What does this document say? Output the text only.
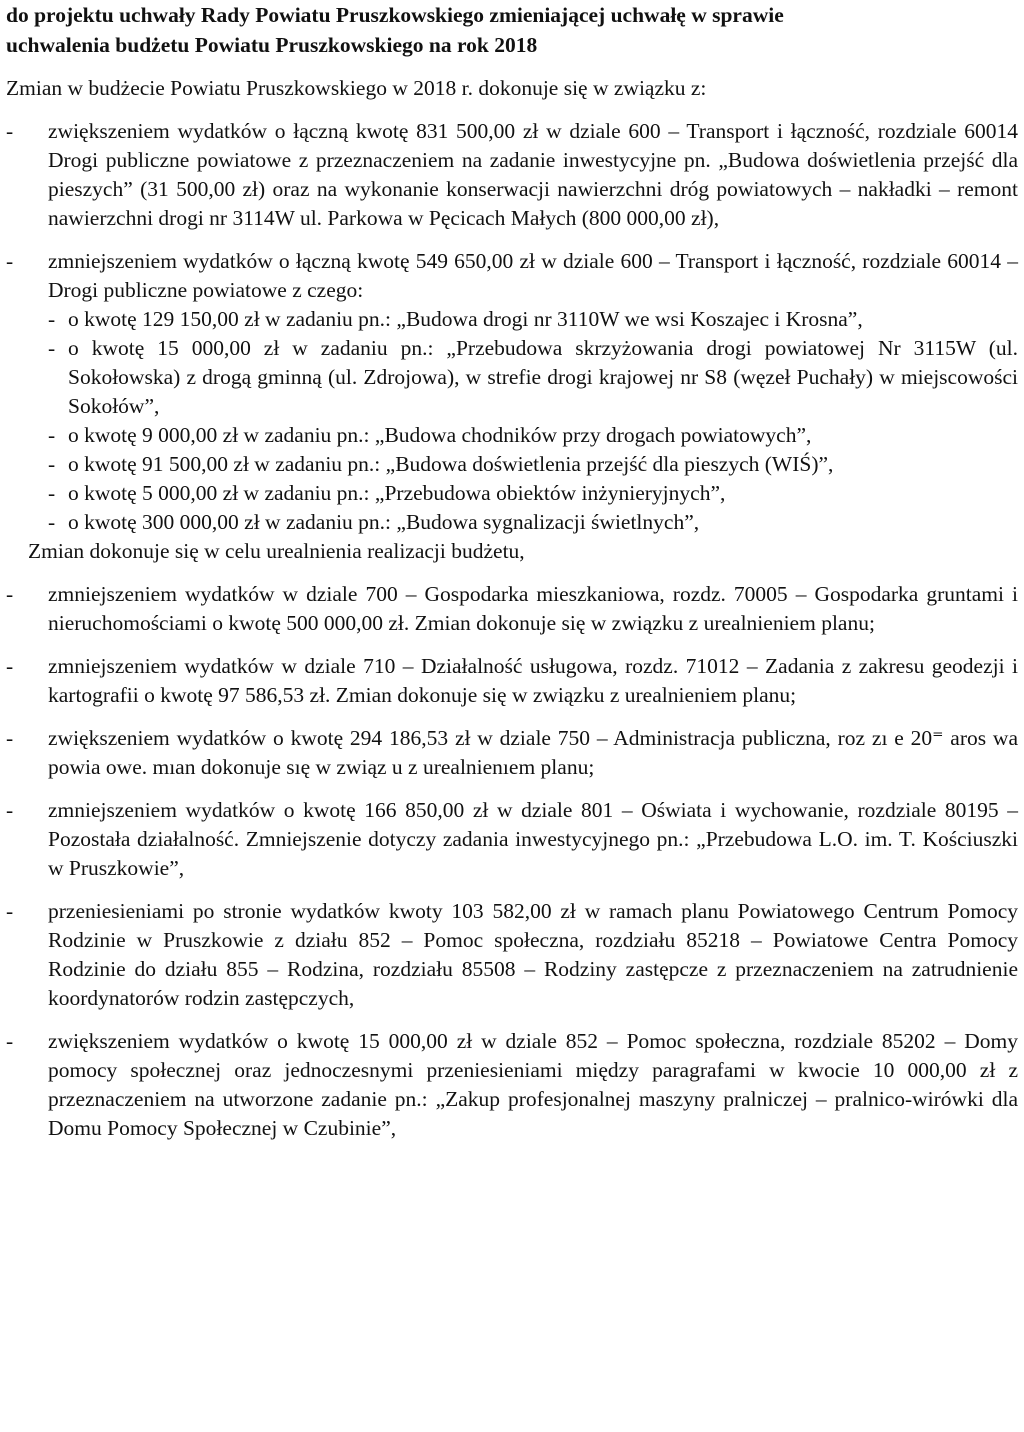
do projektu uchwały Rady Powiatu Pruszkowskiego zmieniającej uchwałę w sprawie

uchwalenia budżetu Powiatu Pruszkowskiego na rok 2018

Zmian w budżecie Powiatu Pruszkowskiego w 2018 r. dokonuje się w związku z:

- zwiększeniem wydatków o łączną kwotę 831 500,00 zł w dziale 600 – Transport i łączność, rozdziale 60014 Drogi publiczne powiatowe z przeznaczeniem na zadanie inwestycyjne pn. „Budowa doświetlenia przejść dla pieszych” (31 500,00 zł) oraz na wykonanie konserwacji nawierzchni dróg powiatowych – nakładki – remont nawierzchni drogi nr 3114W ul. Parkowa w Pęcicach Małych (800 000,00 zł),

- zmniejszeniem wydatków o łączną kwotę 549 650,00 zł w dziale 600 – Transport i łączność, rozdziale 60014 – Drogi publiczne powiatowe z czego:

- o kwotę 129 150,00 zł w zadaniu pn.: „Budowa drogi nr 3110W we wsi Koszajec i Krosna”,

- o kwotę 15 000,00 zł w zadaniu pn.: „Przebudowa skrzyżowania drogi powiatowej Nr 3115W (ul. Sokołowska) z drogą gminną (ul. Zdrojowa), w strefie drogi krajowej nr S8 (węzeł Puchały) w miejscowości Sokołów”,

- o kwotę 9 000,00 zł w zadaniu pn.: „Budowa chodników przy drogach powiatowych”,

- o kwotę 91 500,00 zł w zadaniu pn.: „Budowa doświetlenia przejść dla pieszych (WIŚ)”,

- o kwotę 5 000,00 zł w zadaniu pn.: „Przebudowa obiektów inżynieryjnych”,

- o kwotę 300 000,00 zł w zadaniu pn.: „Budowa sygnalizacji świetlnych”,

Zmian dokonuje się w celu urealnienia realizacji budżetu,

- zmniejszeniem wydatków w dziale 700 – Gospodarka mieszkaniowa, rozdz. 70005 – Gospodarka gruntami i nieruchomościami o kwotę 500 000,00 zł. Zmian dokonuje się w związku z urealnieniem planu;

- zmniejszeniem wydatków w dziale 710 – Działalność usługowa, rozdz. 71012 – Zadania z zakresu geodezji i kartografii o kwotę 97 586,53 zł. Zmian dokonuje się w związku z urealnieniem planu;

- zwiększeniem wydatków o kwotę 294 186,53 zł w dziale 750 – Administracja publiczna, roz zı e 20⁼ aros wa powia owe. mıan dokonuje sıę w związ u z urealnienıem planu;

- zmniejszeniem wydatków o kwotę 166 850,00 zł w dziale 801 – Oświata i wychowanie, rozdziale 80195 – Pozostała działalność. Zmniejszenie dotyczy zadania inwestycyjnego pn.: „Przebudowa L.O. im. T. Kościuszki w Pruszkowie”,

- przeniesieniami po stronie wydatków kwoty 103 582,00 zł w ramach planu Powiatowego Centrum Pomocy Rodzinie w Pruszkowie z działu 852 – Pomoc społeczna, rozdziału 85218 – Powiatowe Centra Pomocy Rodzinie do działu 855 – Rodzina, rozdziału 85508 – Rodziny zastępcze z przeznaczeniem na zatrudnienie koordynatorów rodzin zastępczych,

- zwiększeniem wydatków o kwotę 15 000,00 zł w dziale 852 – Pomoc społeczna, rozdziale 85202 – Domy pomocy społecznej oraz jednoczesnymi przeniesieniami między paragrafami w kwocie 10 000,00 zł z przeznaczeniem na utworzone zadanie pn.: „Zakup profesjonalnej maszyny pralniczej – pralnico-wirówki dla Domu Pomocy Społecznej w Czubinie”,
